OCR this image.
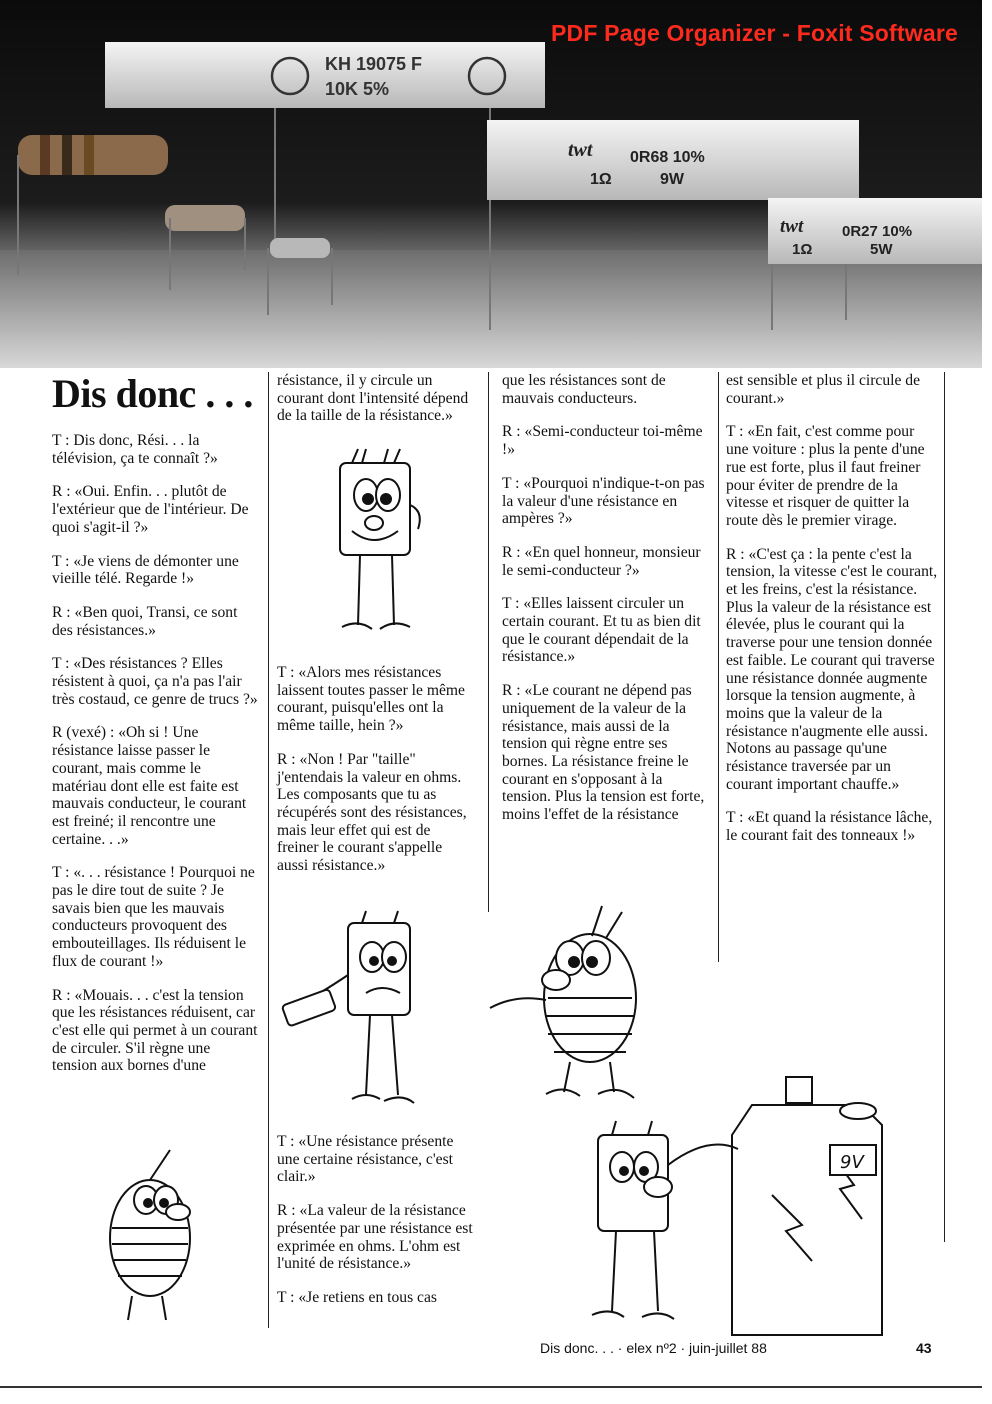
KH 19075 F
10K 5%
twt 0R68 10%
1Ω	9W
twt	0R27 10%
1Ω	5W
PDF Page Organizer - Foxit Software
Dis donc . . .

T : Dis donc, Rési. . . la télévision, ça te connaît ?»

R : «Oui. Enfin. . . plutôt de l'extérieur que de l'intérieur. De quoi s'agit-il ?»

T : «Je viens de démonter une vieille télé. Regarde !»

R : «Ben quoi, Transi, ce sont des résistances.»

T : «Des résistances ? Elles résistent à quoi, ça n'a pas l'air très costaud, ce genre de trucs ?»

R (vexé) : «Oh si ! Une résistance laisse passer le courant, mais comme le matériau dont elle est faite est mauvais conducteur, le courant est freiné; il rencontre une certaine. . .»

T : «. . . résistance ! Pourquoi ne pas le dire tout de suite ? Je savais bien que les mauvais conducteurs provoquent des embouteillages. Ils réduisent le flux de courant !»

R : «Mouais. . . c'est la tension que les résistances réduisent, car c'est elle qui permet à un courant de circuler. S'il règne une tension aux bornes d'une

résistance, il y circule un courant dont l'intensité dépend de la taille de la résistance.»

T : «Alors mes résistances laissent toutes passer le même courant, puisqu'elles ont la même taille, hein ?»

R : «Non ! Par "taille" j'entendais la valeur en ohms. Les composants que tu as récupérés sont des résistances, mais leur effet qui est de freiner le courant s'appelle aussi résistance.»

T : «Une résistance présente une certaine résistance, c'est clair.»

R : «La valeur de la résistance présentée par une résistance est exprimée en ohms. L'ohm est l'unité de résistance.»

T : «Je retiens en tous cas

que les résistances sont de mauvais conducteurs.

R : «Semi-conducteur toi-même !»

T : «Pourquoi n'indique-t-on pas la valeur d'une résistance en ampères ?»

R : «En quel honneur, monsieur le semi-conducteur ?»

T : «Elles laissent circuler un certain courant. Et tu as bien dit que le courant dépendait de la résistance.»

R : «Le courant ne dépend pas uniquement de la valeur de la résistance, mais aussi de la tension qui règne entre ses bornes. La résistance freine le courant en s'opposant à la tension. Plus la tension est forte, moins l'effet de la résistance

est sensible et plus il circule de courant.»

T : «En fait, c'est comme pour une voiture : plus la pente d'une rue est forte, plus il faut freiner pour éviter de prendre de la vitesse et risquer de quitter la route dès le premier virage.

R : «C'est ça : la pente c'est la tension, la vitesse c'est le courant, et les freins, c'est la résistance. Plus la valeur de la résistance est élevée, plus le courant qui la traverse pour une tension donnée est faible. Le courant qui traverse une résistance donnée augmente lorsque la tension augmente, à moins que la valeur de la résistance n'augmente elle aussi. Notons au passage qu'une résistance traversée par un courant important chauffe.»

T : «Et quand la résistance lâche, le courant fait des tonneaux !»

9V
Dis donc. . . · elex nº2 · juin-juillet 88	43
